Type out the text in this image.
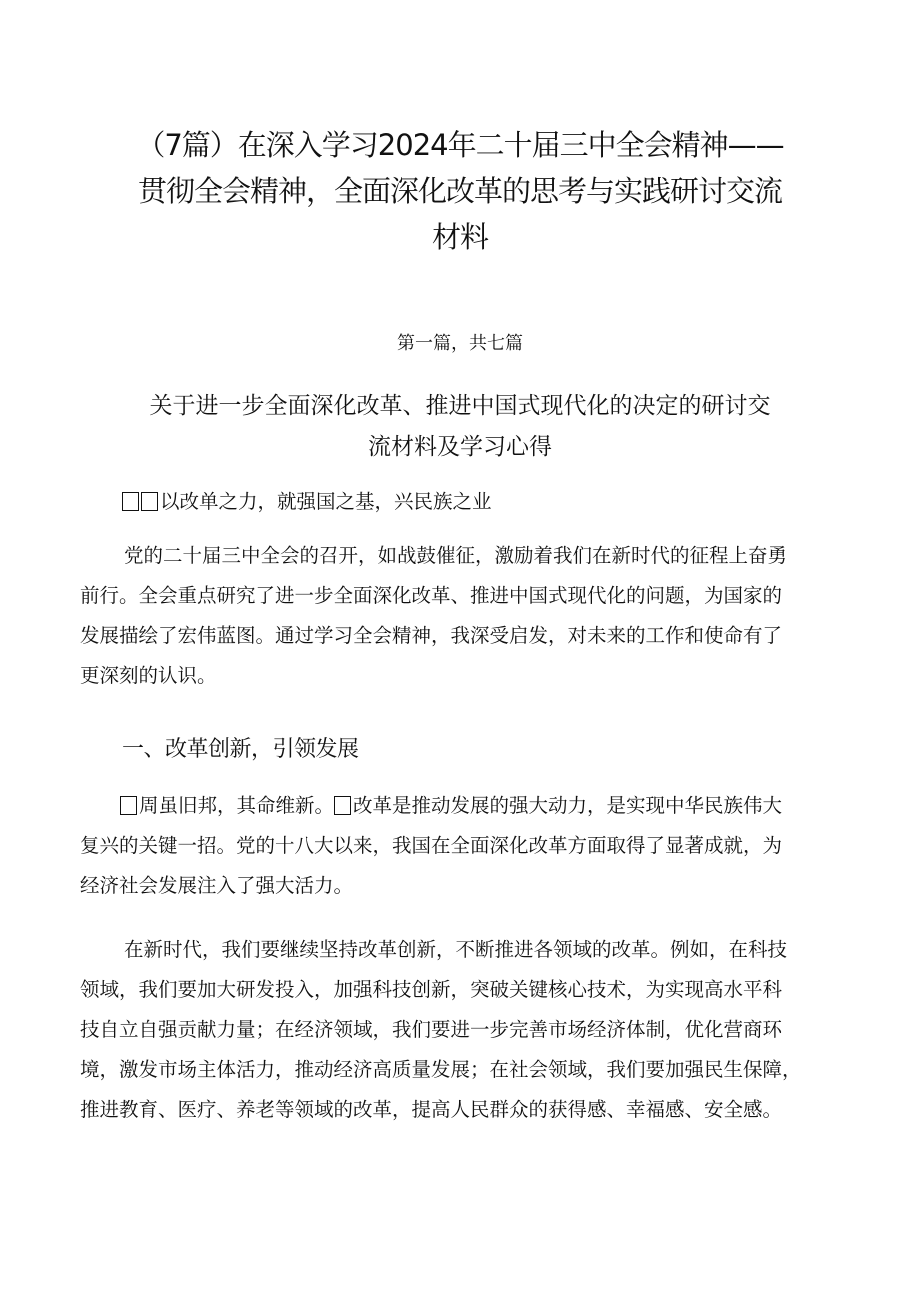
（7篇）在深入学习2024年二十届三中全会精神——
贯彻全会精神，全面深化改革的思考与实践研讨交流
材料
第一篇，共七篇
关于进一步全面深化改革、推进中国式现代化的决定的研讨交
流材料及学习心得

以改单之力，就强国之基，兴民族之业

党的二十届三中全会的召开，如战鼓催征，激励着我们在新时代的征程上奋勇
前行。全会重点研究了进一步全面深化改革、推进中国式现代化的问题，为国家的
发展描绘了宏伟蓝图。通过学习全会精神，我深受启发，对未来的工作和使命有了
更深刻的认识。

一、改革创新，引领发展

周虽旧邦，其命维新。 改革是推动发展的强大动力，是实现中华民族伟大
复兴的关键一招。党的十八大以来，我国在全面深化改革方面取得了显著成就，为
经济社会发展注入了强大活力。

在新时代，我们要继续坚持改革创新，不断推进各领域的改革。例如，在科技
领域，我们要加大研发投入，加强科技创新，突破关键核心技术，为实现高水平科
技自立自强贡献力量；在经济领域，我们要进一步完善市场经济体制，优化营商环
境，激发市场主体活力，推动经济高质量发展；在社会领域，我们要加强民生保障，
推进教育、医疗、养老等领域的改革，提高人民群众的获得感、幸福感、安全感。
